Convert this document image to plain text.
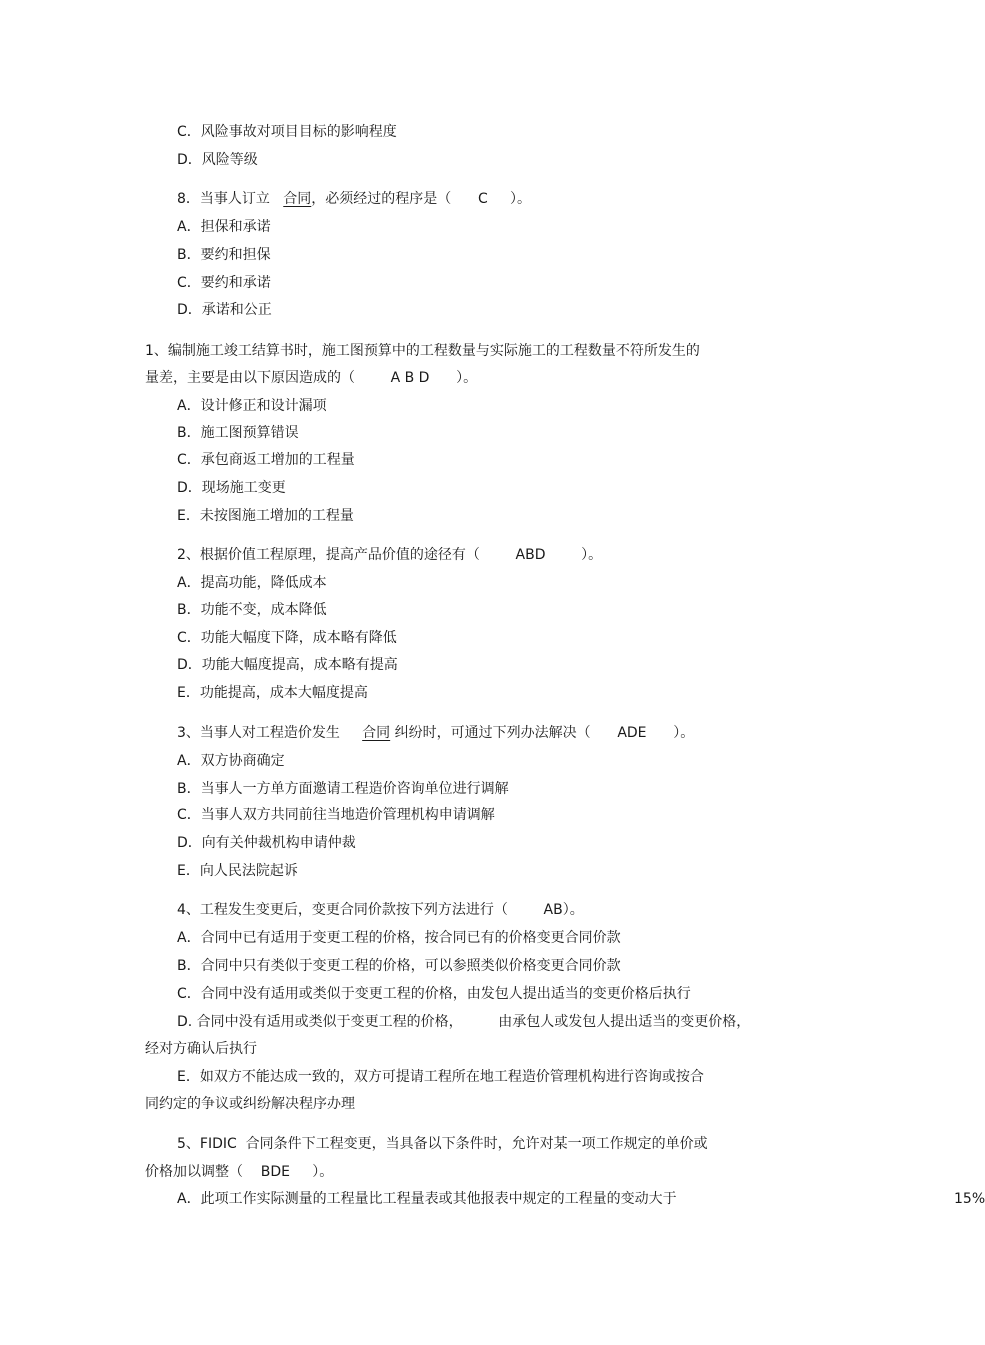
C．风险事故对项目目标的影响程度
D．风险等级
8．当事人订立   合同，必须经过的程序是（      C     ）。
A．担保和承诺
B．要约和担保
C．要约和承诺
D．承诺和公正
1、编制施工竣工结算书时，施工图预算中的工程数量与实际施工的工程数量不符所发生的
量差，主要是由以下原因造成的（        A B D      ）。
A．设计修正和设计漏项
B．施工图预算错误
C．承包商返工增加的工程量
D．现场施工变更
E．未按图施工增加的工程量
2、根据价值工程原理，提高产品价值的途径有（        ABD        ）。
A．提高功能，降低成本
B．功能不变，成本降低
C．功能大幅度下降，成本略有降低
D．功能大幅度提高，成本略有提高
E．功能提高，成本大幅度提高
3、当事人对工程造价发生     合同 纠纷时，可通过下列办法解决（      ADE      ）。
A．双方协商确定
B．当事人一方单方面邀请工程造价咨询单位进行调解
C．当事人双方共同前往当地造价管理机构申请调解
D．向有关仲裁机构申请仲裁
E．向人民法院起诉
4、工程发生变更后，变更合同价款按下列方法进行（        AB）。
A．合同中已有适用于变更工程的价格，按合同已有的价格变更合同价款
B．合同中只有类似于变更工程的价格，可以参照类似价格变更合同价款
C．合同中没有适用或类似于变更工程的价格，由发包人提出适当的变更价格后执行
D. 合同中没有适用或类似于变更工程的价格，        由承包人或发包人提出适当的变更价格，
经对方确认后执行
E．如双方不能达成一致的，双方可提请工程所在地工程造价管理机构进行咨询或按合
同约定的争议或纠纷解决程序办理
5、FIDIC  合同条件下工程变更，当具备以下条件时，允许对某一项工作规定的单价或
价格加以调整（    BDE     ）。
A．此项工作实际测量的工程量比工程量表或其他报表中规定的工程量的变动大于	15%
